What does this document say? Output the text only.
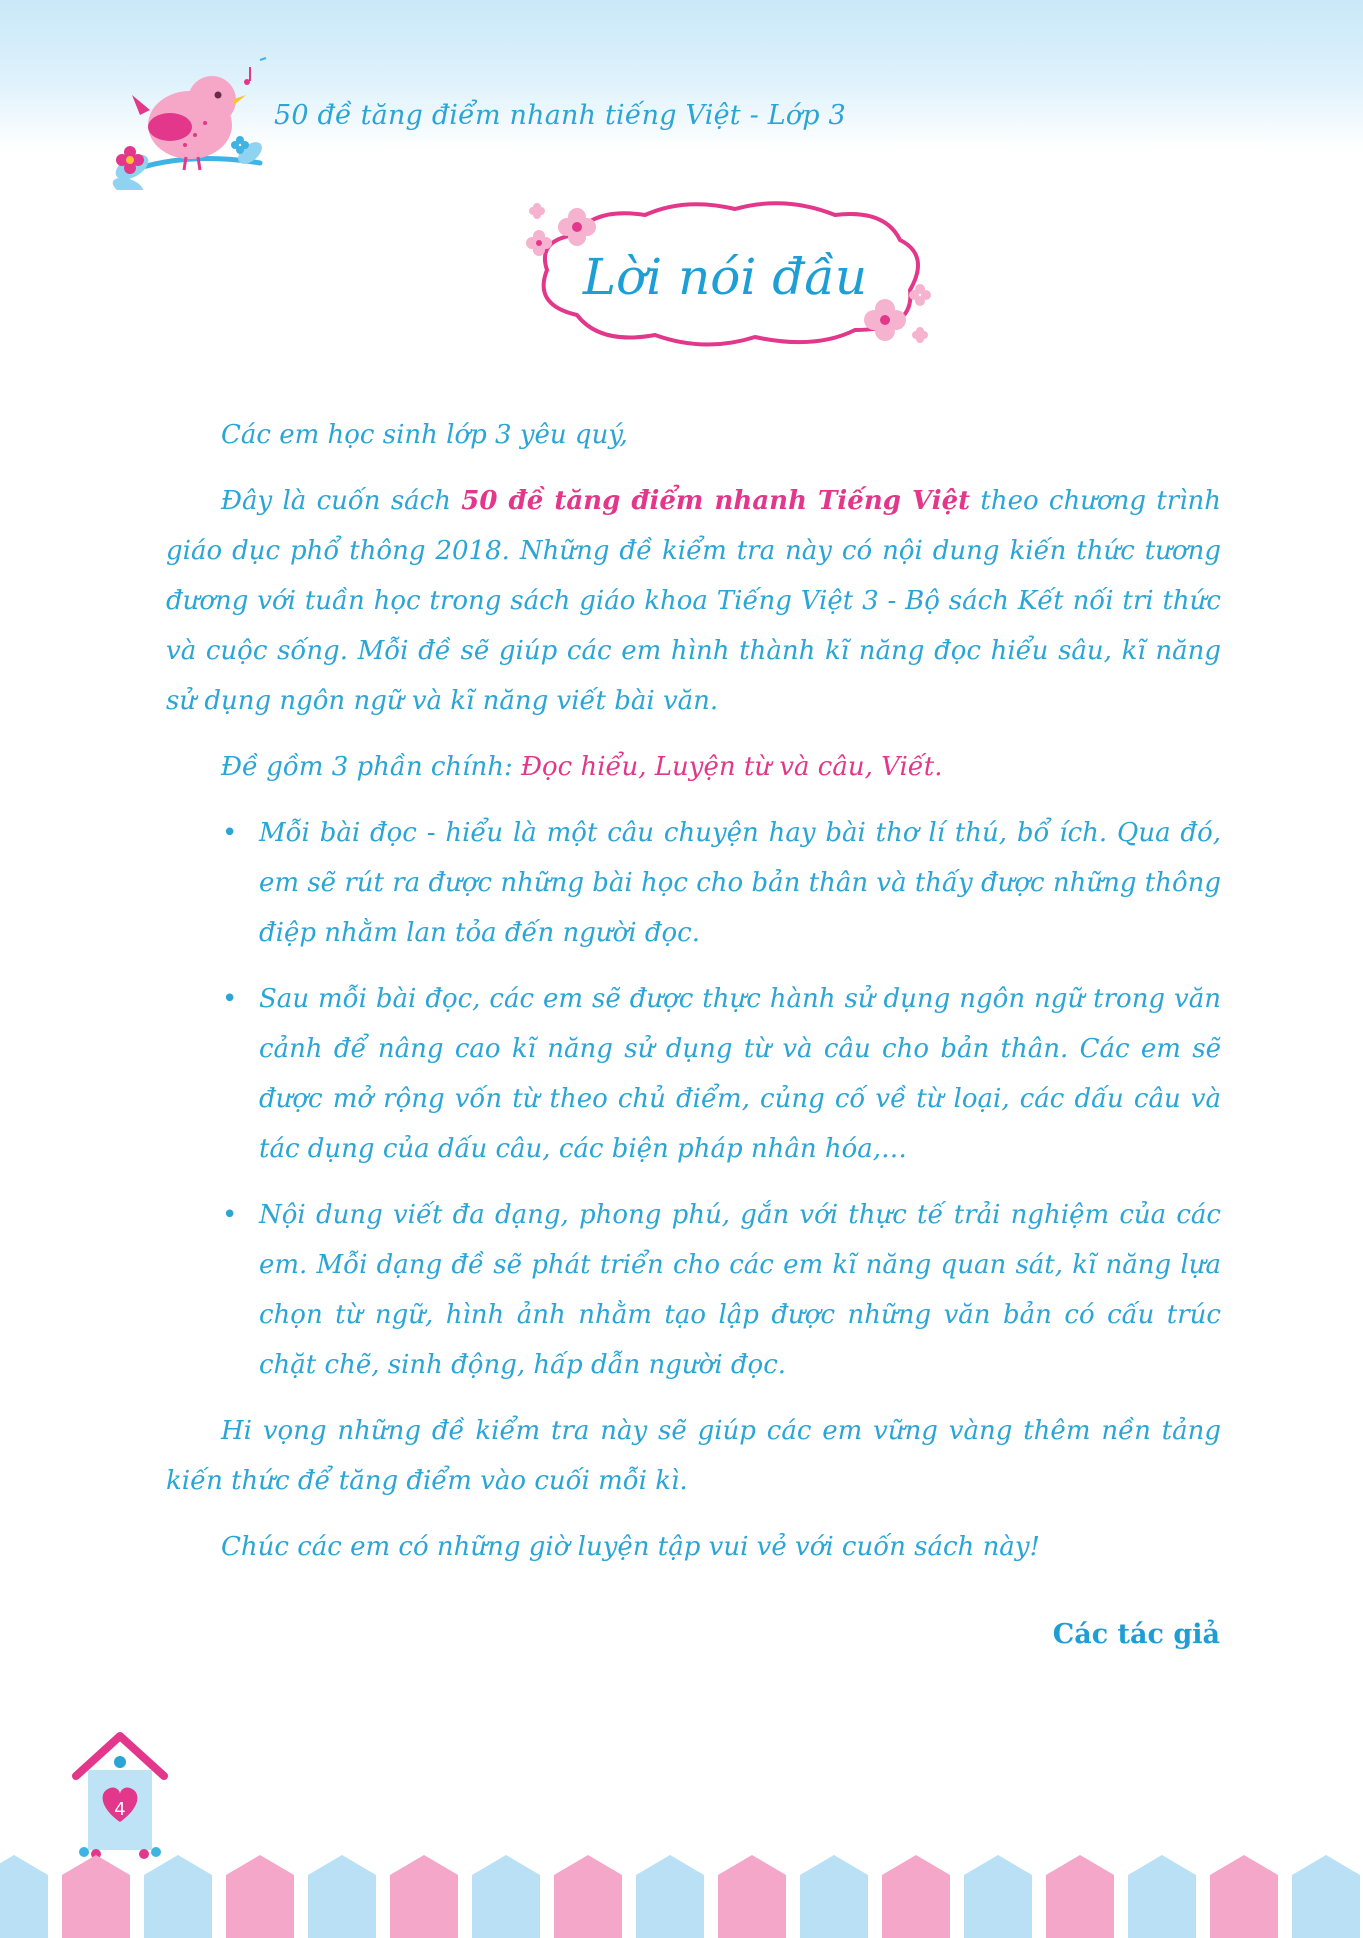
50 đề tăng điểm nhanh tiếng Việt - Lớp 3
Lời nói đầu

Các em học sinh lớp 3 yêu quý,

Đây là cuốn sách 50 đề tăng điểm nhanh Tiếng Việt theo chương trình giáo dục phổ thông 2018. Những đề kiểm tra này có nội dung kiến thức tương đương với tuần học trong sách giáo khoa Tiếng Việt 3 - Bộ sách Kết nối tri thức và cuộc sống. Mỗi đề sẽ giúp các em hình thành kĩ năng đọc hiểu sâu, kĩ năng sử dụng ngôn ngữ và kĩ năng viết bài văn.

Đề gồm 3 phần chính: Đọc hiểu, Luyện từ và câu, Viết.

• Mỗi bài đọc - hiểu là một câu chuyện hay bài thơ lí thú, bổ ích. Qua đó, em sẽ rút ra được những bài học cho bản thân và thấy được những thông điệp nhằm lan tỏa đến người đọc.
• Sau mỗi bài đọc, các em sẽ được thực hành sử dụng ngôn ngữ trong văn cảnh để nâng cao kĩ năng sử dụng từ và câu cho bản thân. Các em sẽ được mở rộng vốn từ theo chủ điểm, củng cố về từ loại, các dấu câu và tác dụng của dấu câu, các biện pháp nhân hóa,…
• Nội dung viết đa dạng, phong phú, gắn với thực tế trải nghiệm của các em. Mỗi dạng đề sẽ phát triển cho các em kĩ năng quan sát, kĩ năng lựa chọn từ ngữ, hình ảnh nhằm tạo lập được những văn bản có cấu trúc chặt chẽ, sinh động, hấp dẫn người đọc.

Hi vọng những đề kiểm tra này sẽ giúp các em vững vàng thêm nền tảng kiến thức để tăng điểm vào cuối mỗi kì.

Chúc các em có những giờ luyện tập vui vẻ với cuốn sách này!

Các tác giả
4
